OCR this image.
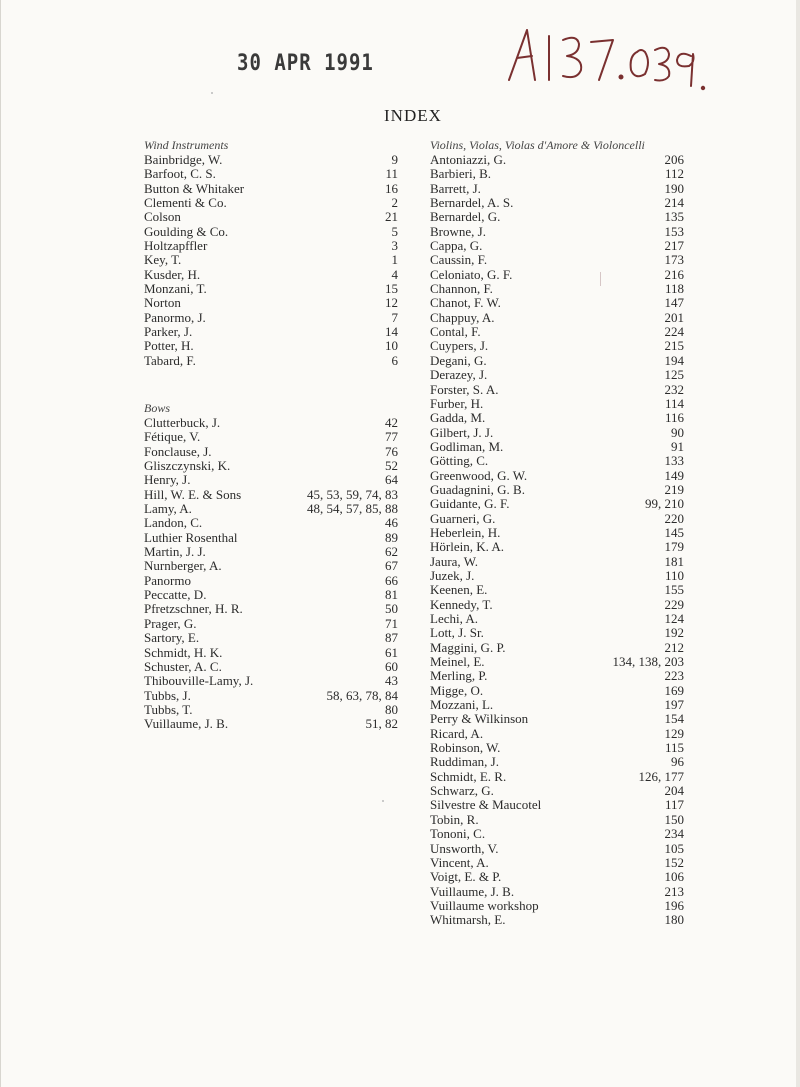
30 APR 1991
INDEX
Wind Instruments
Bainbridge, W.	9
Barfoot, C. S.	11
Button & Whitaker	16
Clementi & Co.	2
Colson	21
Goulding & Co.	5
Holtzapffler	3
Key, T.	1
Kusder, H.	4
Monzani, T.	15
Norton	12
Panormo, J.	7
Parker, J.	14
Potter, H.	10
Tabard, F.	6
Bows
Clutterbuck, J.	42
Fétique, V.	77
Fonclause, J.	76
Gliszczynski, K.	52
Henry, J.	64
Hill, W. E. & Sons	45, 53, 59, 74, 83
Lamy, A.	48, 54, 57, 85, 88
Landon, C.	46
Luthier Rosenthal	89
Martin, J. J.	62
Nurnberger, A.	67
Panormo	66
Peccatte, D.	81
Pfretzschner, H. R.	50
Prager, G.	71
Sartory, E.	87
Schmidt, H. K.	61
Schuster, A. C.	60
Thibouville-Lamy, J.	43
Tubbs, J.	58, 63, 78, 84
Tubbs, T.	80
Vuillaume, J. B.	51, 82
Violins, Violas, Violas d'Amore & Violoncelli
Antoniazzi, G.	206
Barbieri, B.	112
Barrett, J.	190
Bernardel, A. S.	214
Bernardel, G.	135
Browne, J.	153
Cappa, G.	217
Caussin, F.	173
Celoniato, G. F.	216
Channon, F.	118
Chanot, F. W.	147
Chappuy, A.	201
Contal, F.	224
Cuypers, J.	215
Degani, G.	194
Derazey, J.	125
Forster, S. A.	232
Furber, H.	114
Gadda, M.	116
Gilbert, J. J.	90
Godliman, M.	91
Götting, C.	133
Greenwood, G. W.	149
Guadagnini, G. B.	219
Guidante, G. F.	99, 210
Guarneri, G.	220
Heberlein, H.	145
Hörlein, K. A.	179
Jaura, W.	181
Juzek, J.	110
Keenen, E.	155
Kennedy, T.	229
Lechi, A.	124
Lott, J. Sr.	192
Maggini, G. P.	212
Meinel, E.	134, 138, 203
Merling, P.	223
Migge, O.	169
Mozzani, L.	197
Perry & Wilkinson	154
Ricard, A.	129
Robinson, W.	115
Ruddiman, J.	96
Schmidt, E. R.	126, 177
Schwarz, G.	204
Silvestre & Maucotel	117
Tobin, R.	150
Tononi, C.	234
Unsworth, V.	105
Vincent, A.	152
Voigt, E. & P.	106
Vuillaume, J. B.	213
Vuillaume workshop	196
Whitmarsh, E.	180
